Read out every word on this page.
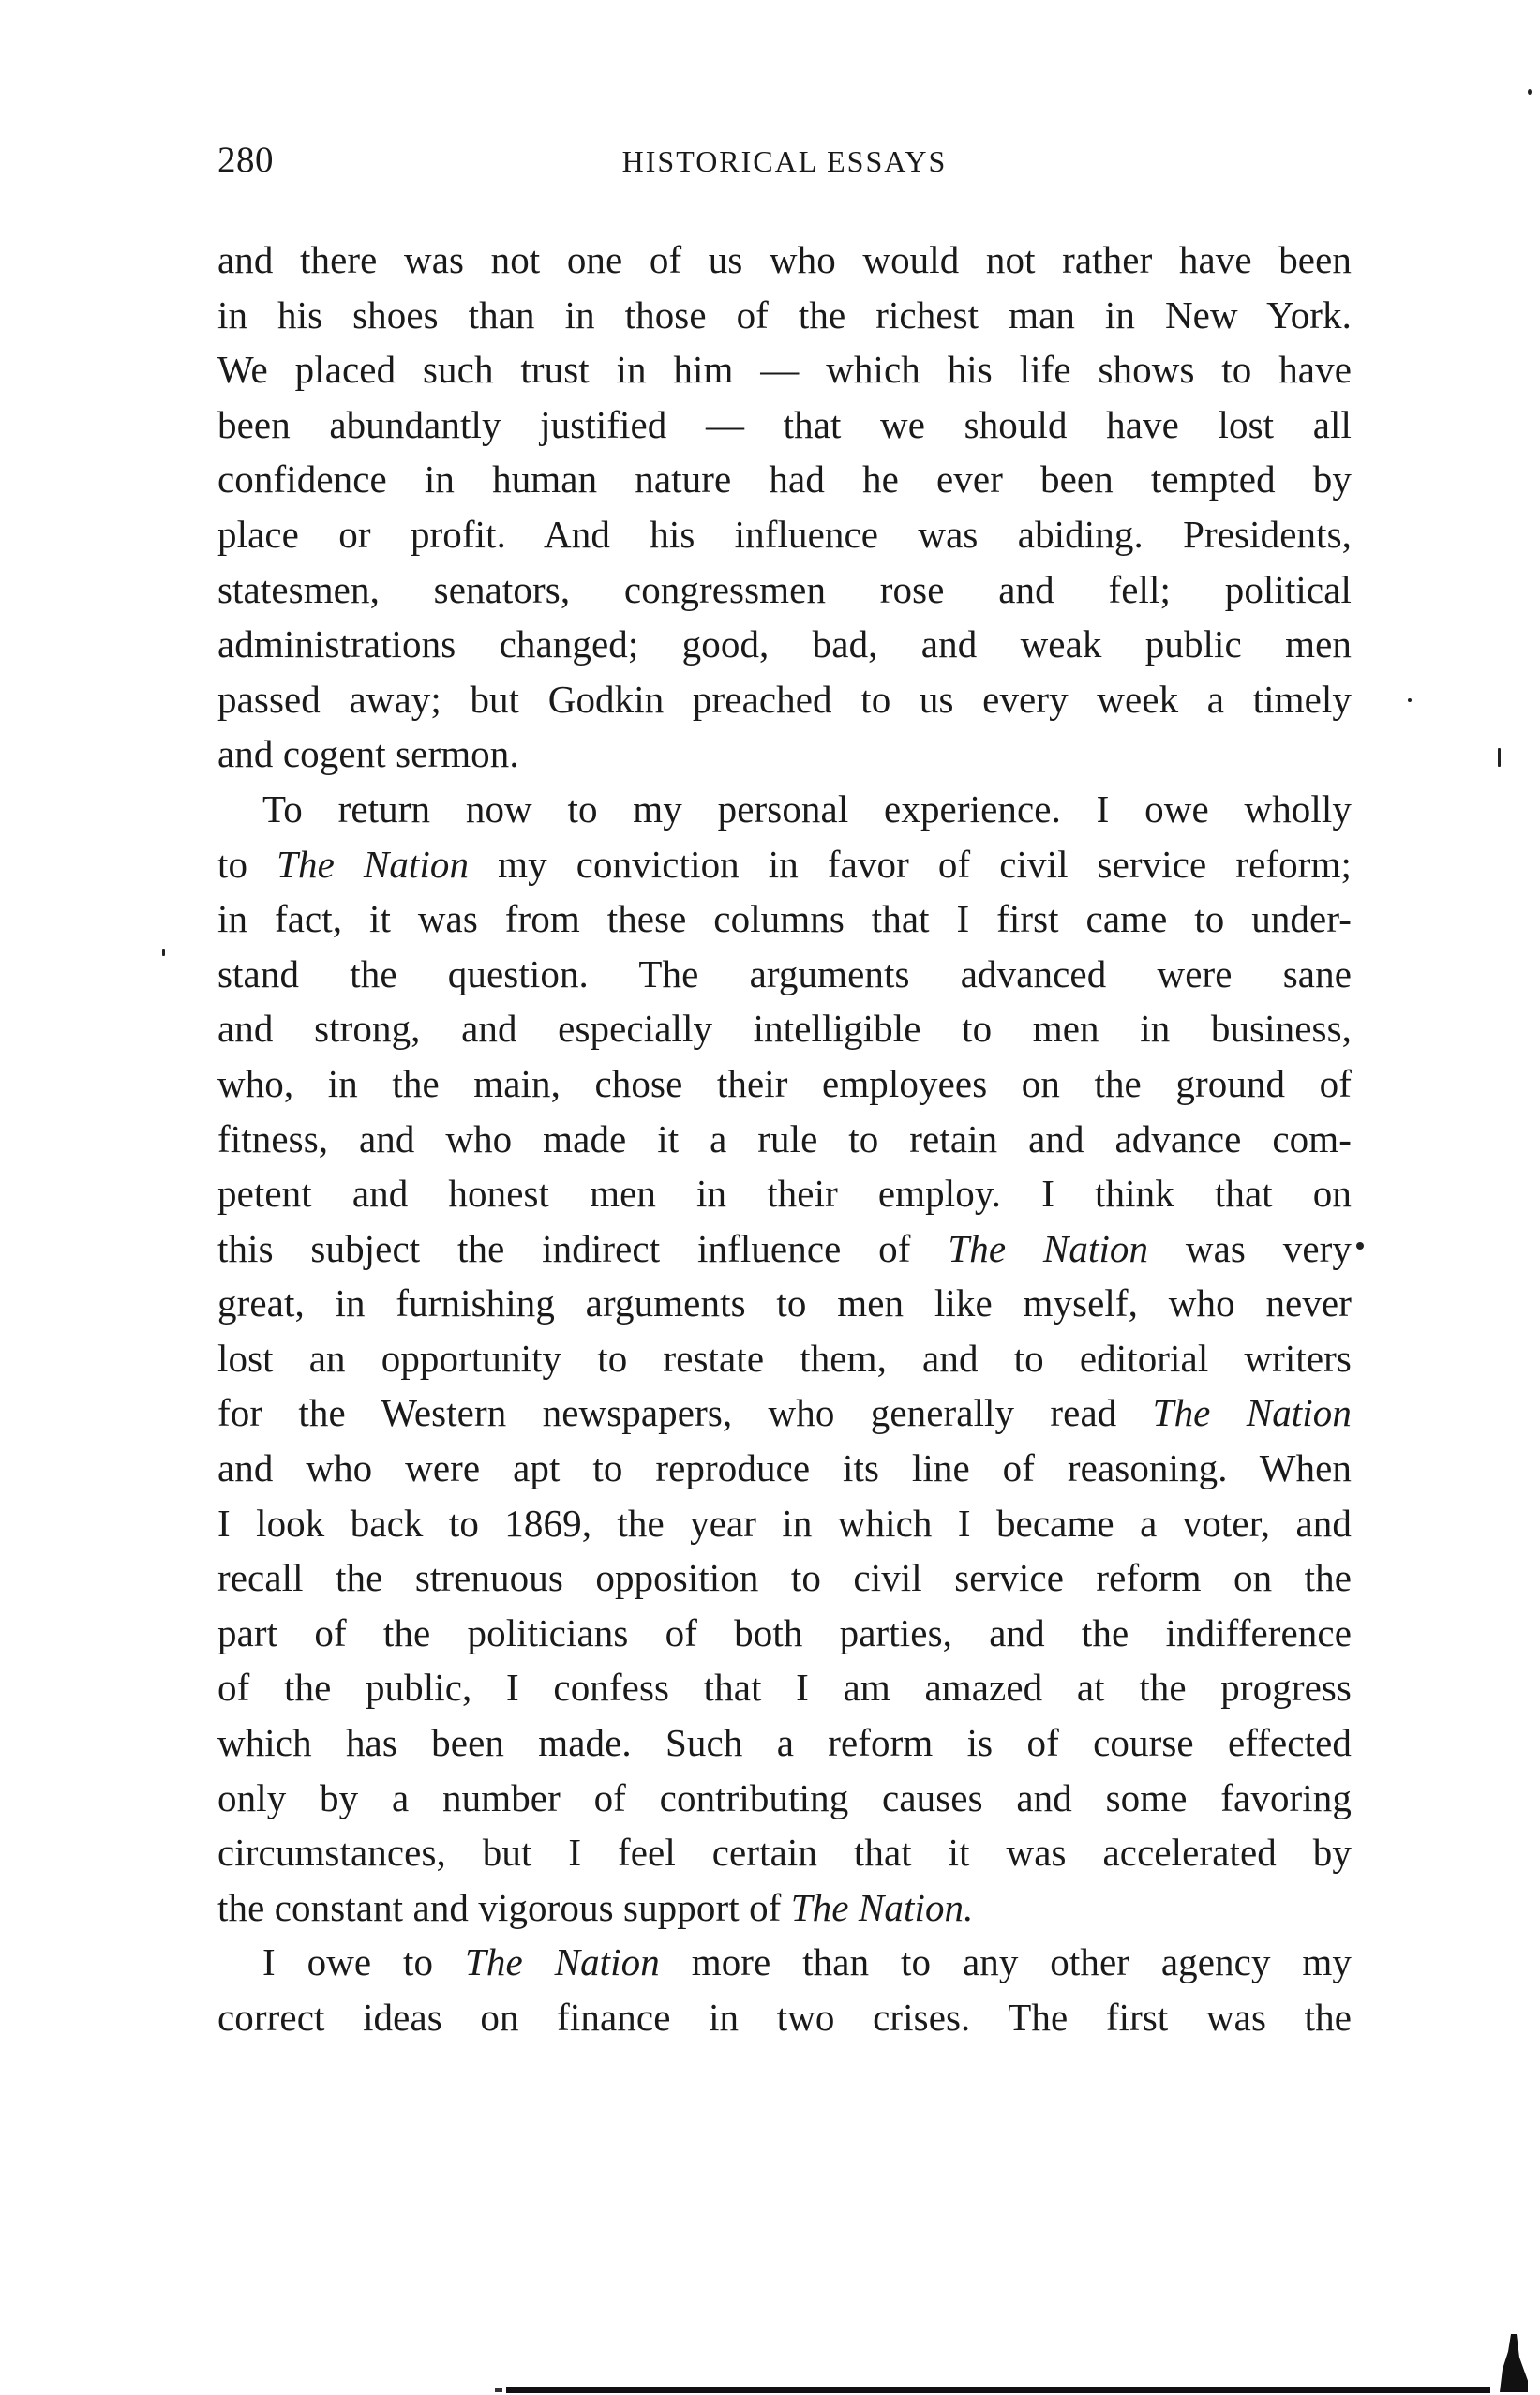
280	HISTORICAL ESSAYS
and there was not one of us who would not rather have been
in his shoes than in those of the richest man in New York.
We placed such trust in him — which his life shows to have
been abundantly justified — that we should have lost all
confidence in human nature had he ever been tempted by
place or profit. And his influence was abiding. Presidents,
statesmen, senators, congressmen rose and fell; political
administrations changed; good, bad, and weak public men
passed away; but Godkin preached to us every week a timely
and cogent sermon.
To return now to my personal experience. I owe wholly
to The Nation my conviction in favor of civil service reform;
in fact, it was from these columns that I first came to under-
stand the question. The arguments advanced were sane
and strong, and especially intelligible to men in business,
who, in the main, chose their employees on the ground of
fitness, and who made it a rule to retain and advance com-
petent and honest men in their employ. I think that on
this subject the indirect influence of The Nation was very
great, in furnishing arguments to men like myself, who never
lost an opportunity to restate them, and to editorial writers
for the Western newspapers, who generally read The Nation
and who were apt to reproduce its line of reasoning. When
I look back to 1869, the year in which I became a voter, and
recall the strenuous opposition to civil service reform on the
part of the politicians of both parties, and the indifference
of the public, I confess that I am amazed at the progress
which has been made. Such a reform is of course effected
only by a number of contributing causes and some favoring
circumstances, but I feel certain that it was accelerated by
the constant and vigorous support of The Nation.
I owe to The Nation more than to any other agency my
correct ideas on finance in two crises. The first was the
